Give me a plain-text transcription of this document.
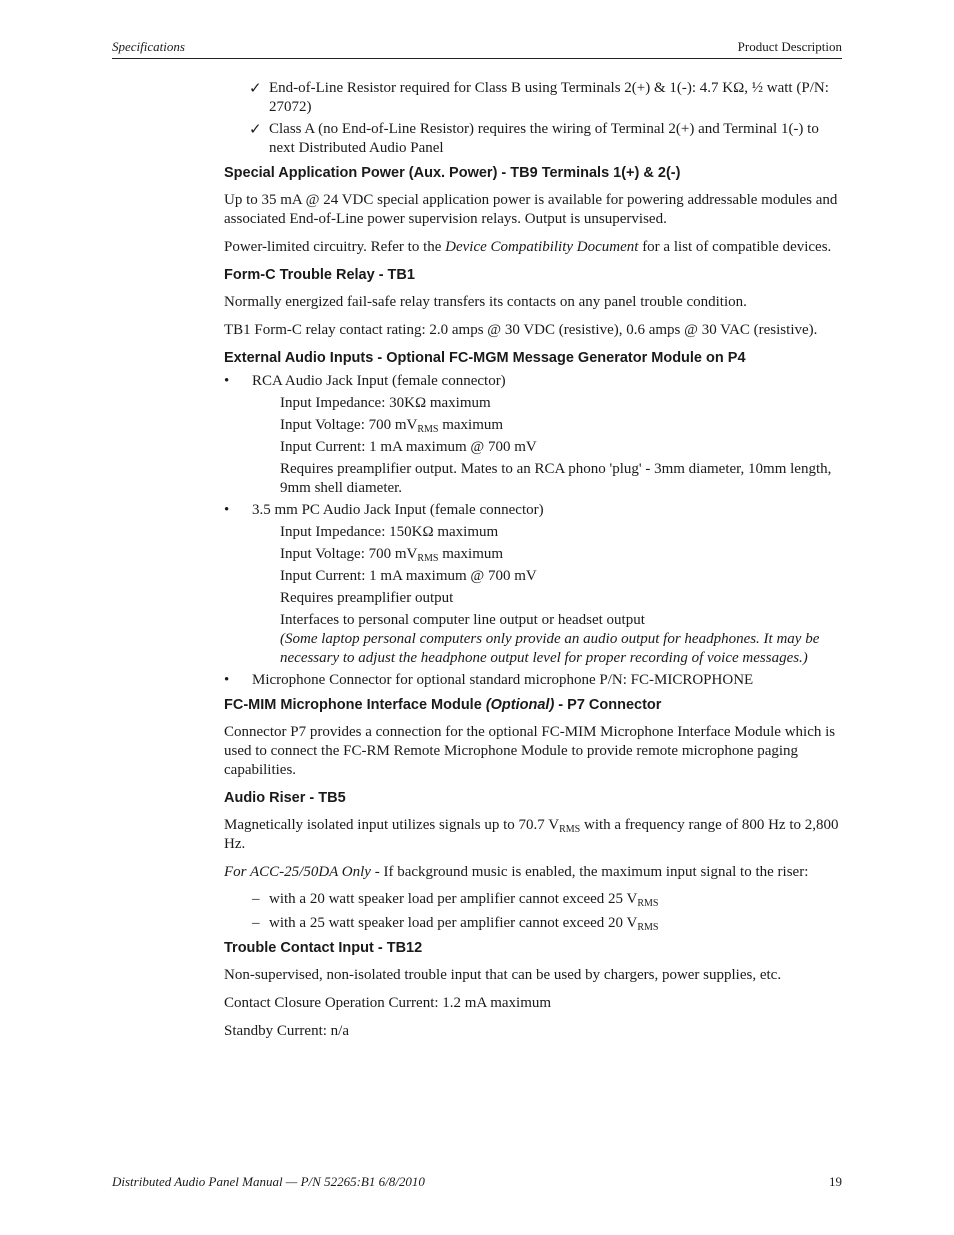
Specifications	Product Description
✓ End-of-Line Resistor required for Class B using Terminals 2(+) & 1(-): 4.7 KΩ, ½ watt (P/N: 27072)
✓ Class A (no End-of-Line Resistor) requires the wiring of Terminal 2(+) and Terminal 1(-) to next Distributed Audio Panel
Special Application Power (Aux. Power) - TB9 Terminals 1(+) & 2(-)

Up to 35 mA @ 24 VDC special application power is available for powering addressable modules and associated End-of-Line power supervision relays. Output is unsupervised.

Power-limited circuitry. Refer to the Device Compatibility Document for a list of compatible devices.

Form-C Trouble Relay - TB1

Normally energized fail-safe relay transfers its contacts on any panel trouble condition.

TB1 Form-C relay contact rating: 2.0 amps @ 30 VDC (resistive), 0.6 amps @ 30 VAC (resistive).

External Audio Inputs - Optional FC-MGM Message Generator Module on P4
• RCA Audio Jack Input (female connector)
Input Impedance: 30KΩ maximum
Input Voltage: 700 $mV_{RMS}$ maximum
Input Current: 1 mA maximum @ 700 mV
Requires preamplifier output. Mates to an RCA phono 'plug' - 3mm diameter, 10mm length, 9mm shell diameter.
• 3.5 mm PC Audio Jack Input (female connector)
Input Impedance: 150KΩ maximum
Input Voltage: 700 $mV_{RMS}$ maximum
Input Current: 1 mA maximum @ 700 mV
Requires preamplifier output
Interfaces to personal computer line output or headset output
(Some laptop personal computers only provide an audio output for headphones. It may be necessary to adjust the headphone output level for proper recording of voice messages.)
• Microphone Connector for optional standard microphone P/N: FC-MICROPHONE
FC-MIM Microphone Interface Module (Optional) - P7 Connector

Connector P7 provides a connection for the optional FC-MIM Microphone Interface Module which is used to connect the FC-RM Remote Microphone Module to provide remote microphone paging capabilities.

Audio Riser - TB5

Magnetically isolated input utilizes signals up to 70.7 $V_{RMS}$ with a frequency range of 800 Hz to 2,800 Hz.

For ACC-25/50DA Only - If background music is enabled, the maximum input signal to the riser:

– with a 20 watt speaker load per amplifier cannot exceed 25 $V_{RMS}$
– with a 25 watt speaker load per amplifier cannot exceed 20 $V_{RMS}$
Trouble Contact Input - TB12

Non-supervised, non-isolated trouble input that can be used by chargers, power supplies, etc.

Contact Closure Operation Current: 1.2 mA maximum

Standby Current: n/a

Distributed Audio Panel Manual — P/N 52265:B1 6/8/2010	19
